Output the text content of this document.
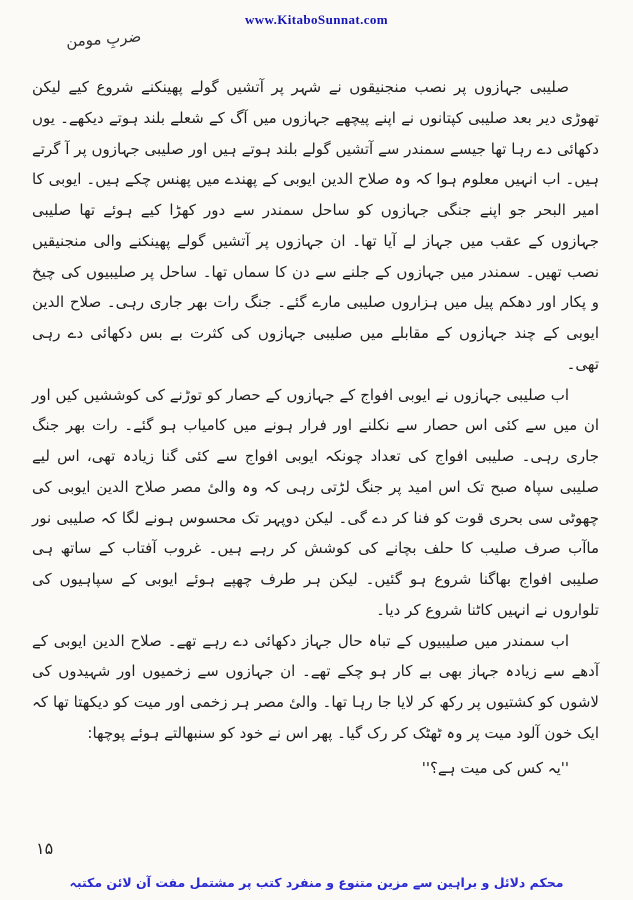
www.KitaboSunnat.com
ضربِ مومن

صلیبی جہازوں پر نصب منجنیقوں نے شہر پر آتشیں گولے پھینکنے شروع کیے لیکن تھوڑی دیر بعد صلیبی کپتانوں نے اپنے پیچھے جہازوں میں آگ کے شعلے بلند ہوتے دیکھے۔ یوں دکھائی دے رہا تھا جیسے سمندر سے آتشیں گولے بلند ہوتے ہیں اور صلیبی جہازوں پر آ گرتے ہیں۔ اب انہیں معلوم ہوا کہ وہ صلاح الدین ایوبی کے پھندے میں پھنس چکے ہیں۔ ایوبی کا امیر البحر جو اپنے جنگی جہازوں کو ساحل سمندر سے دور کھڑا کیے ہوئے تھا صلیبی جہازوں کے عقب میں جہاز لے آیا تھا۔ ان جہازوں پر آتشیں گولے پھینکنے والی منجنیقیں نصب تھیں۔ سمندر میں جہازوں کے جلنے سے دن کا سماں تھا۔ ساحل پر صلیبیوں کی چیخ و پکار اور دھکم پیل میں ہزاروں صلیبی مارے گئے۔ جنگ رات بھر جاری رہی۔ صلاح الدین ایوبی کے چند جہازوں کے مقابلے میں صلیبی جہازوں کی کثرت بے بس دکھائی دے رہی تھی۔

اب صلیبی جہازوں نے ایوبی افواج کے جہازوں کے حصار کو توڑنے کی کوششیں کیں اور ان میں سے کئی اس حصار سے نکلنے اور فرار ہونے میں کامیاب ہو گئے۔ رات بھر جنگ جاری رہی۔ صلیبی افواج کی تعداد چونکہ ایوبی افواج سے کئی گنا زیادہ تھی، اس لیے صلیبی سپاہ صبح تک اس امید پر جنگ لڑتی رہی کہ وہ والیٔ مصر صلاح الدین ایوبی کی چھوٹی سی بحری قوت کو فنا کر دے گی۔ لیکن دوپہر تک محسوس ہونے لگا کہ صلیبی نور ماآب صرف صلیب کا حلف بچانے کی کوشش کر رہے ہیں۔ غروب آفتاب کے ساتھ ہی صلیبی افواج بھاگنا شروع ہو گئیں۔ لیکن ہر طرف چھپے ہوئے ایوبی کے سپاہیوں کی تلواروں نے انہیں کاٹنا شروع کر دیا۔

اب سمندر میں صلیبیوں کے تباہ حال جہاز دکھائی دے رہے تھے۔ صلاح الدین ایوبی کے آدھے سے زیادہ جہاز بھی بے کار ہو چکے تھے۔ ان جہازوں سے زخمیوں اور شہیدوں کی لاشوں کو کشتیوں پر رکھ کر لایا جا رہا تھا۔ والیٔ مصر ہر زخمی اور میت کو دیکھتا تھا کہ ایک خون آلود میت پر وہ ٹھٹک کر رک گیا۔ پھر اس نے خود کو سنبھالتے ہوئے پوچھا:

''یہ کس کی میت ہے؟''

۱۵
محکم دلائل و براہین سے مزین متنوع و منفرد کتب پر مشتمل مفت آن لائن مکتبہ
